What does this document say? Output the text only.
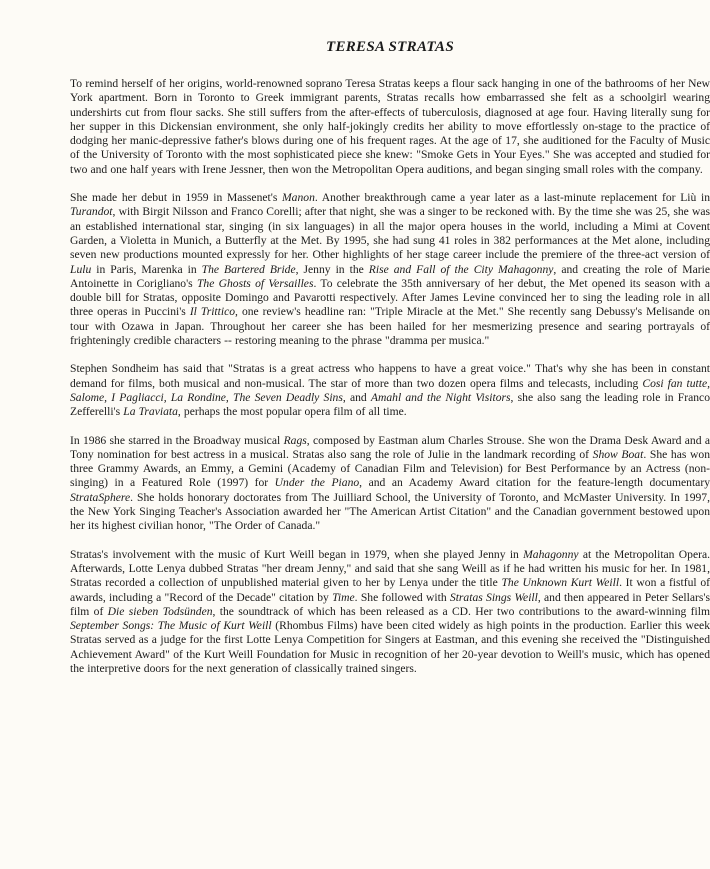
TERESA STRATAS

To remind herself of her origins, world-renowned soprano Teresa Stratas keeps a flour sack hanging in one of the bathrooms of her New York apartment. Born in Toronto to Greek immigrant parents, Stratas recalls how embarrassed she felt as a schoolgirl wearing undershirts cut from flour sacks. She still suffers from the after-effects of tuberculosis, diagnosed at age four. Having literally sung for her supper in this Dickensian environment, she only half-jokingly credits her ability to move effortlessly on-stage to the practice of dodging her manic-depressive father's blows during one of his frequent rages. At the age of 17, she auditioned for the Faculty of Music of the University of Toronto with the most sophisticated piece she knew: "Smoke Gets in Your Eyes." She was accepted and studied for two and one half years with Irene Jessner, then won the Metropolitan Opera auditions, and began singing small roles with the company.

She made her debut in 1959 in Massenet's Manon. Another breakthrough came a year later as a last-minute replacement for Liù in Turandot, with Birgit Nilsson and Franco Corelli; after that night, she was a singer to be reckoned with. By the time she was 25, she was an established international star, singing (in six languages) in all the major opera houses in the world, including a Mimi at Covent Garden, a Violetta in Munich, a Butterfly at the Met. By 1995, she had sung 41 roles in 382 performances at the Met alone, including seven new productions mounted expressly for her. Other highlights of her stage career include the premiere of the three-act version of Lulu in Paris, Marenka in The Bartered Bride, Jenny in the Rise and Fall of the City Mahagonny, and creating the role of Marie Antoinette in Corigliano's The Ghosts of Versailles. To celebrate the 35th anniversary of her debut, the Met opened its season with a double bill for Stratas, opposite Domingo and Pavarotti respectively. After James Levine convinced her to sing the leading role in all three operas in Puccini's Il Trittico, one review's headline ran: "Triple Miracle at the Met." She recently sang Debussy's Melisande on tour with Ozawa in Japan. Throughout her career she has been hailed for her mesmerizing presence and searing portrayals of frighteningly credible characters -- restoring meaning to the phrase "dramma per musica."

Stephen Sondheim has said that "Stratas is a great actress who happens to have a great voice." That's why she has been in constant demand for films, both musical and non-musical. The star of more than two dozen opera films and telecasts, including Cosi fan tutte, Salome, I Pagliacci, La Rondine, The Seven Deadly Sins, and Amahl and the Night Visitors, she also sang the leading role in Franco Zefferelli's La Traviata, perhaps the most popular opera film of all time.

In 1986 she starred in the Broadway musical Rags, composed by Eastman alum Charles Strouse. She won the Drama Desk Award and a Tony nomination for best actress in a musical. Stratas also sang the role of Julie in the landmark recording of Show Boat. She has won three Grammy Awards, an Emmy, a Gemini (Academy of Canadian Film and Television) for Best Performance by an Actress (non-singing) in a Featured Role (1997) for Under the Piano, and an Academy Award citation for the feature-length documentary StrataSphere. She holds honorary doctorates from The Juilliard School, the University of Toronto, and McMaster University. In 1997, the New York Singing Teacher's Association awarded her "The American Artist Citation" and the Canadian government bestowed upon her its highest civilian honor, "The Order of Canada."

Stratas's involvement with the music of Kurt Weill began in 1979, when she played Jenny in Mahagonny at the Metropolitan Opera. Afterwards, Lotte Lenya dubbed Stratas "her dream Jenny," and said that she sang Weill as if he had written his music for her. In 1981, Stratas recorded a collection of unpublished material given to her by Lenya under the title The Unknown Kurt Weill. It won a fistful of awards, including a "Record of the Decade" citation by Time. She followed with Stratas Sings Weill, and then appeared in Peter Sellars's film of Die sieben Todsünden, the soundtrack of which has been released as a CD. Her two contributions to the award-winning film September Songs: The Music of Kurt Weill (Rhombus Films) have been cited widely as high points in the production. Earlier this week Stratas served as a judge for the first Lotte Lenya Competition for Singers at Eastman, and this evening she received the "Distinguished Achievement Award" of the Kurt Weill Foundation for Music in recognition of her 20-year devotion to Weill's music, which has opened the interpretive doors for the next generation of classically trained singers.
